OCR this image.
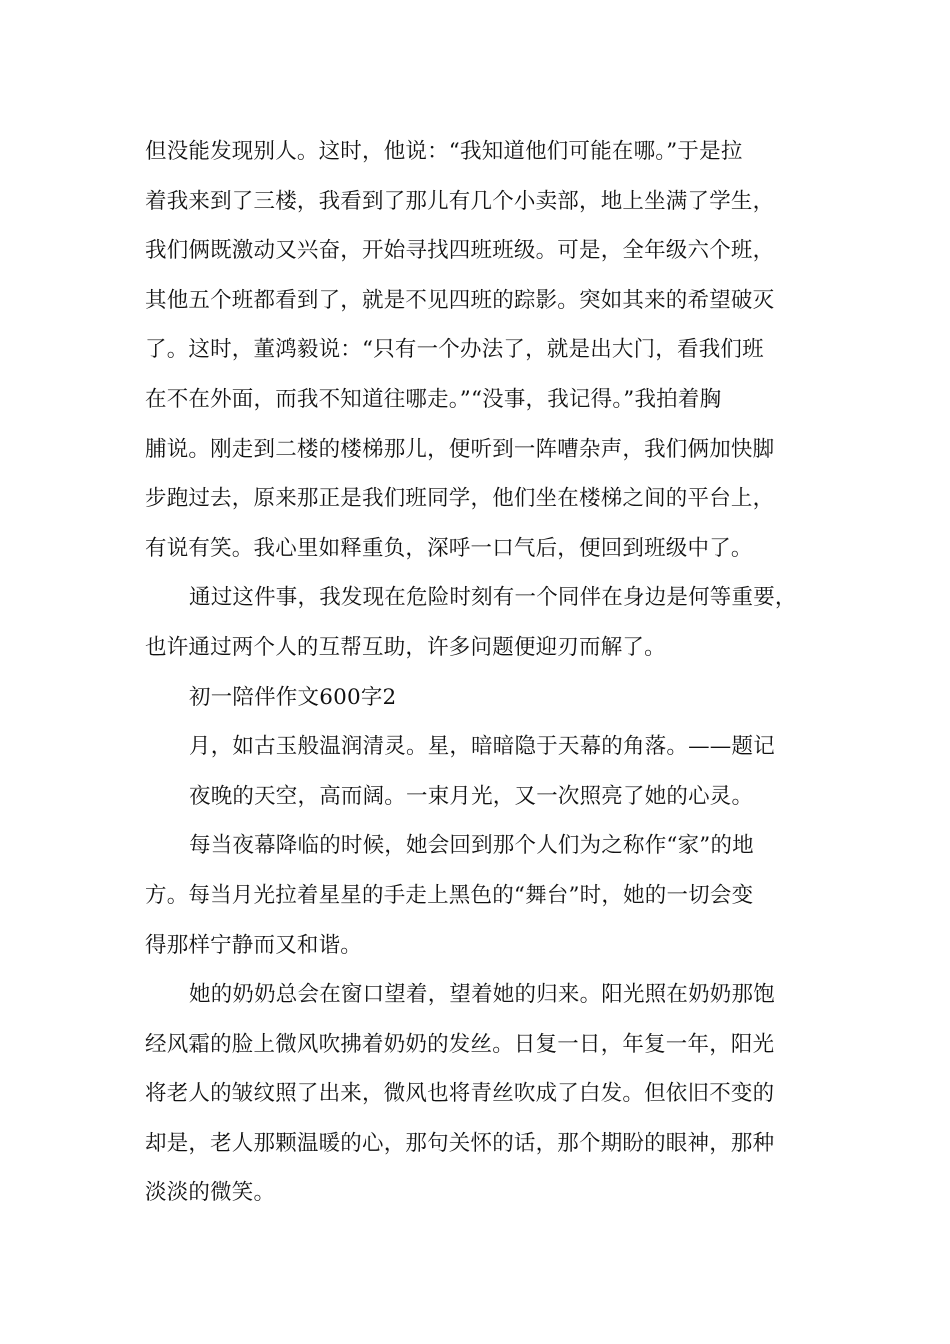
但没能发现别人。这时，他说：“我知道他们可能在哪。”于是拉
着我来到了三楼，我看到了那儿有几个小卖部，地上坐满了学生，
我们俩既激动又兴奋，开始寻找四班班级。可是，全年级六个班，
其他五个班都看到了，就是不见四班的踪影。突如其来的希望破灭
了。这时，董鸿毅说：“只有一个办法了，就是出大门，看我们班
在不在外面，而我不知道往哪走。”“没事，我记得。”我拍着胸
脯说。刚走到二楼的楼梯那儿，便听到一阵嘈杂声，我们俩加快脚
步跑过去，原来那正是我们班同学，他们坐在楼梯之间的平台上，
有说有笑。我心里如释重负，深呼一口气后，便回到班级中了。
通过这件事，我发现在危险时刻有一个同伴在身边是何等重要，
也许通过两个人的互帮互助，许多问题便迎刃而解了。
初一陪伴作文600字2
月，如古玉般温润清灵。星，暗暗隐于天幕的角落。——题记
夜晚的天空，高而阔。一束月光，又一次照亮了她的心灵。
每当夜幕降临的时候，她会回到那个人们为之称作“家”的地
方。每当月光拉着星星的手走上黑色的“舞台”时，她的一切会变
得那样宁静而又和谐。
她的奶奶总会在窗口望着，望着她的归来。阳光照在奶奶那饱
经风霜的脸上微风吹拂着奶奶的发丝。日复一日，年复一年，阳光
将老人的皱纹照了出来，微风也将青丝吹成了白发。但依旧不变的
却是，老人那颗温暖的心，那句关怀的话，那个期盼的眼神，那种
淡淡的微笑。
